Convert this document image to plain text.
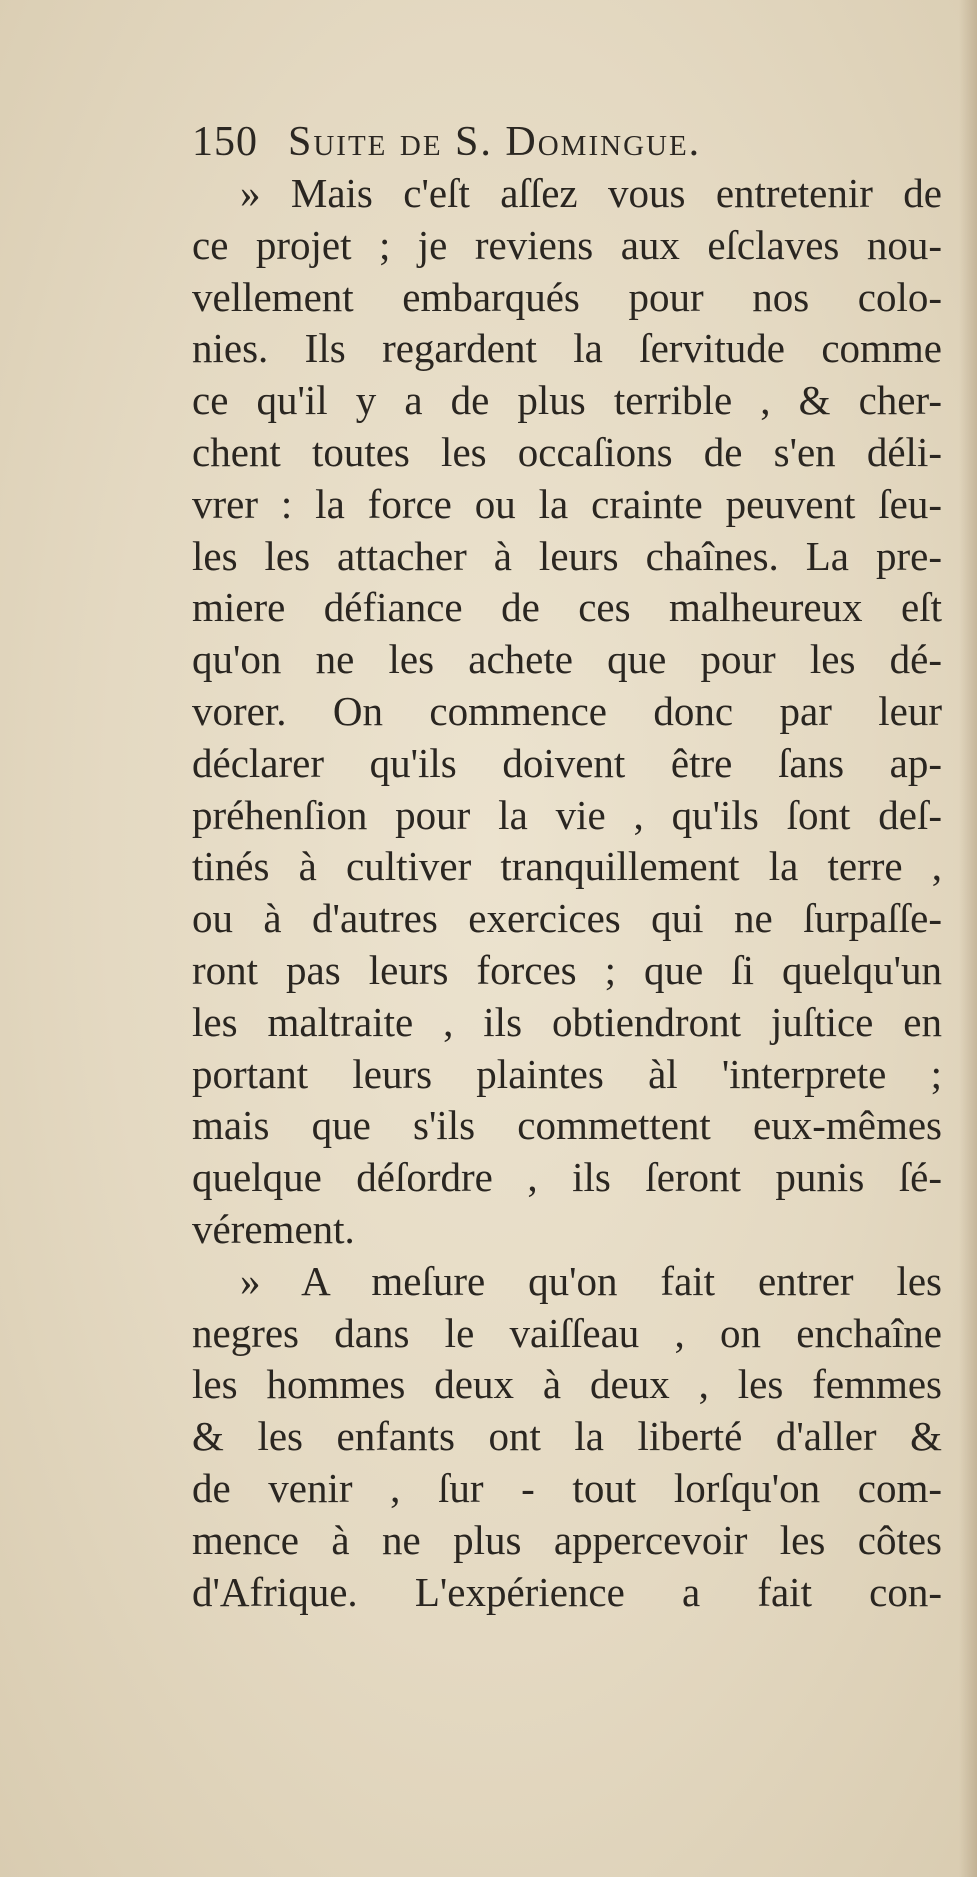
150 Suite de S. Domingue.
» Mais c'eſt aſſez vous entretenir de
ce projet ; je reviens aux eſclaves nou-
vellement embarqués pour nos colo-
nies. Ils regardent la ſervitude comme
ce qu'il y a de plus terrible , & cher-
chent toutes les occaſions de s'en déli-
vrer : la force ou la crainte peuvent ſeu-
les les attacher à leurs chaînes. La pre-
miere défiance de ces malheureux eſt
qu'on ne les achete que pour les dé-
vorer. On commence donc par leur
déclarer qu'ils doivent être ſans ap-
préhenſion pour la vie , qu'ils ſont deſ-
tinés à cultiver tranquillement la terre ,
ou à d'autres exercices qui ne ſurpaſſe-
ront pas leurs forces ; que ſi quelqu'un
les maltraite , ils obtiendront juſtice en
portant leurs plaintes àl 'interprete ;
mais que s'ils commettent eux-mêmes
quelque déſordre , ils ſeront punis ſé-
vérement.
» A meſure qu'on fait entrer les
negres dans le vaiſſeau , on enchaîne
les hommes deux à deux , les femmes
& les enfants ont la liberté d'aller &
de venir , ſur - tout lorſqu'on com-
mence à ne plus appercevoir les côtes
d'Afrique. L'expérience a fait con-
